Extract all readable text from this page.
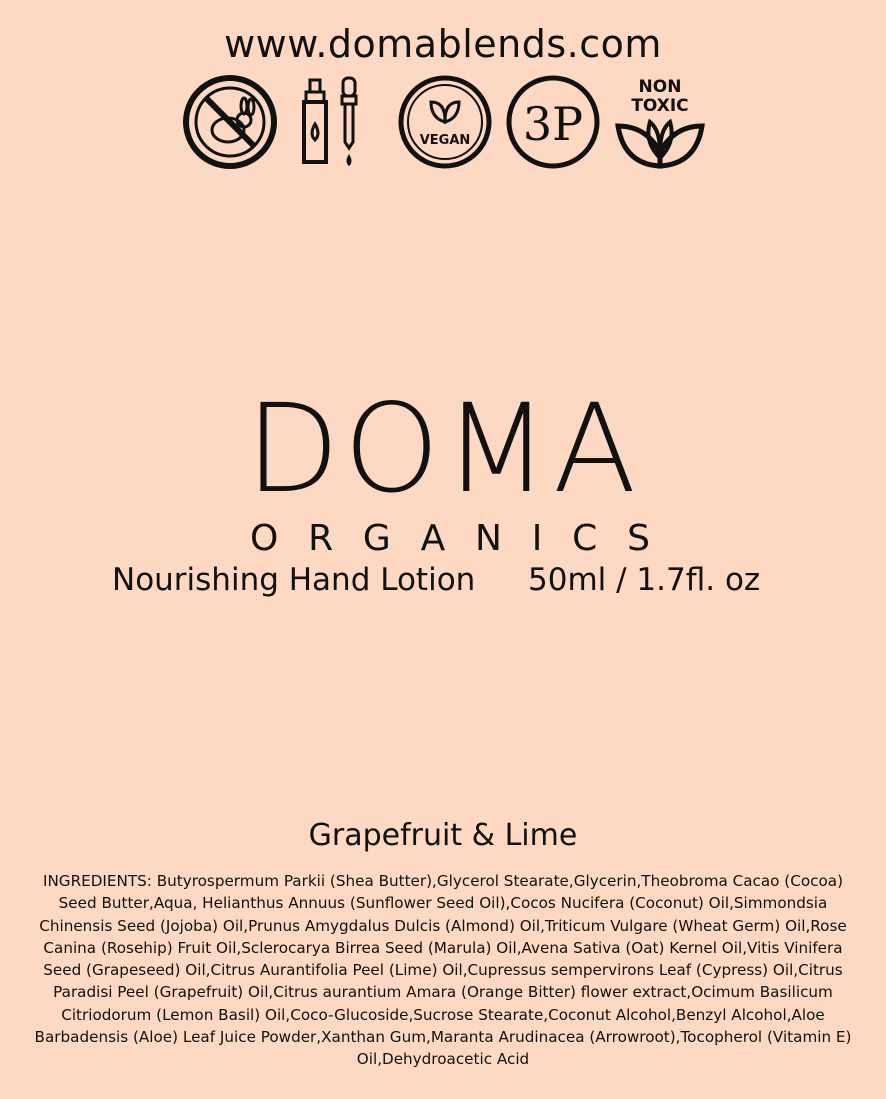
www.domablends.com
VEGAN 3P
NON
TOXIC
DOMA
O R G A N I C S
Nourishing Hand Lotion 50ml / 1.7fl. oz
Grapefruit & Lime
INGREDIENTS: Butyrospermum Parkii (Shea Butter),Glycerol Stearate,Glycerin,Theobroma Cacao (Cocoa) Seed Butter,Aqua, Helianthus Annuus (Sunflower Seed Oil),Cocos Nucifera (Coconut) Oil,Simmondsia Chinensis Seed (Jojoba) Oil,Prunus Amygdalus Dulcis (Almond) Oil,Triticum Vulgare (Wheat Germ) Oil,Rose Canina (Rosehip) Fruit Oil,Sclerocarya Birrea Seed (Marula) Oil,Avena Sativa (Oat) Kernel Oil,Vitis Vinifera Seed (Grapeseed) Oil,Citrus Aurantifolia Peel (Lime) Oil,Cupressus sempervirons Leaf (Cypress) Oil,Citrus Paradisi Peel (Grapefruit) Oil,Citrus aurantium Amara (Orange Bitter) flower extract,Ocimum Basilicum Citriodorum (Lemon Basil) Oil,Coco-Glucoside,Sucrose Stearate,Coconut Alcohol,Benzyl Alcohol,Aloe Barbadensis (Aloe) Leaf Juice Powder,Xanthan Gum,Maranta Arudinacea (Arrowroot),Tocopherol (Vitamin E) Oil,Dehydroacetic Acid
